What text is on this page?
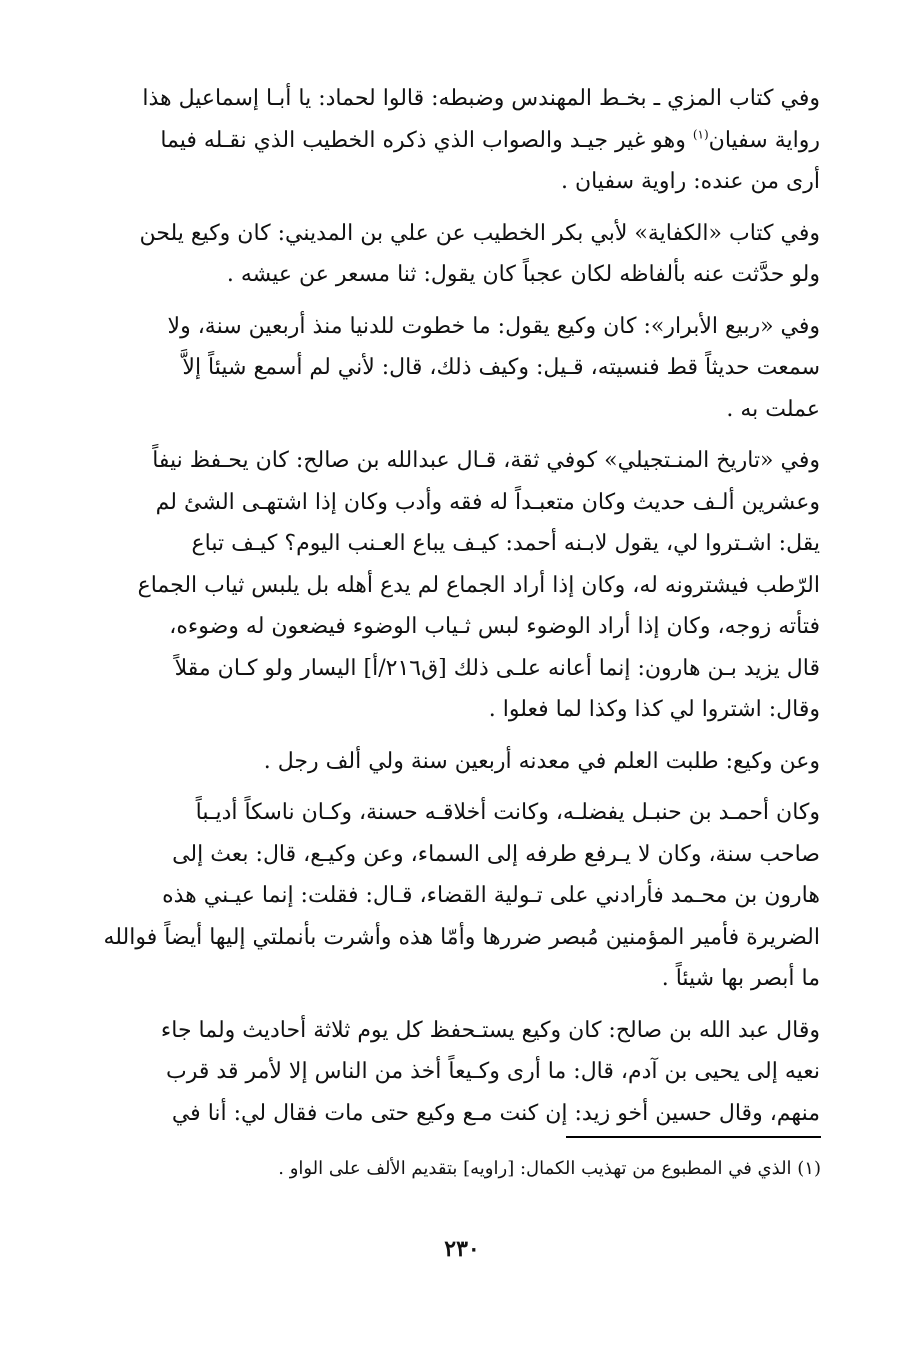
وفي كتاب المزي ـ بخـط المهندس وضبطه: قالوا لحماد: يا أبـا إسماعيل هذا
رواية سفيان$^{(١)}$ وهو غير جيـد والصواب الذي ذكره الخطيب الذي نقـله فيما
أرى من عنده: راوية سفيان .

وفي كتاب «الكفاية» لأبي بكر الخطيب عن علي بن المديني: كان وكيع يلحن
ولو حدَّثت عنه بألفاظه لكان عجباً كان يقول: ثنا مسعر عن عيشه .

وفي «ربيع الأبرار»: كان وكيع يقول: ما خطوت للدنيا منذ أربعين سنة، ولا
سمعت حديثاً قط فنسيته، قـيل: وكيف ذلك، قال: لأني لم أسمع شيئاً إلاَّ
عملت به .

وفي «تاريخ المنـتجيلي» كوفي ثقة، قـال عبدالله بن صالح: كان يحـفظ نيفاً
وعشرين ألـف حديث وكان متعبـداً له فقه وأدب وكان إذا اشتهـى الشئ لم
يقل: اشـتروا لي، يقول لابـنه أحمد: كيـف يباع العـنب اليوم؟ كيـف تباع
الرّطب فيشترونه له، وكان إذا أراد الجماع لم يدع أهله بل يلبس ثياب الجماع
فتأته زوجه، وكان إذا أراد الوضوء لبس ثـياب الوضوء فيضعون له وضوءه،
قال يزيد بـن هارون: إنما أعانه علـى ذلك [ق٢١٦/أ] اليسار ولو كـان مقلاً
وقال: اشتروا لي كذا وكذا لما فعلوا .

وعن وكيع: طلبت العلم في معدنه أربعين سنة ولي ألف رجل .

وكان أحمـد بن حنبـل يفضلـه، وكانت أخلاقـه حسنة، وكـان ناسكاً أديـباً
صاحب سنة، وكان لا يـرفع طرفه إلى السماء، وعن وكيـع، قال: بعث إلى
هارون بن محـمد فأرادني على تـولية القضاء، قـال: فقلت: إنما عيـني هذه
الضريرة فأمير المؤمنين مُبصر ضررها وأمّا هذه وأشرت بأنملتي إليها أيضاً فوالله
ما أبصر بها شيئاً .

وقال عبد الله بن صالح: كان وكيع يستـحفظ كل يوم ثلاثة أحاديث ولما جاء
نعيه إلى يحيى بن آدم، قال: ما أرى وكـيعاً أخذ من الناس إلا لأمر قد قرب
منهم، وقال حسين أخو زيد: إن كنت مـع وكيع حتى مات فقال لي: أنا في

(١) الذي في المطبوع من تهذيب الكمال: [راويه] بتقديم الألف على الواو .
٢٣٠
